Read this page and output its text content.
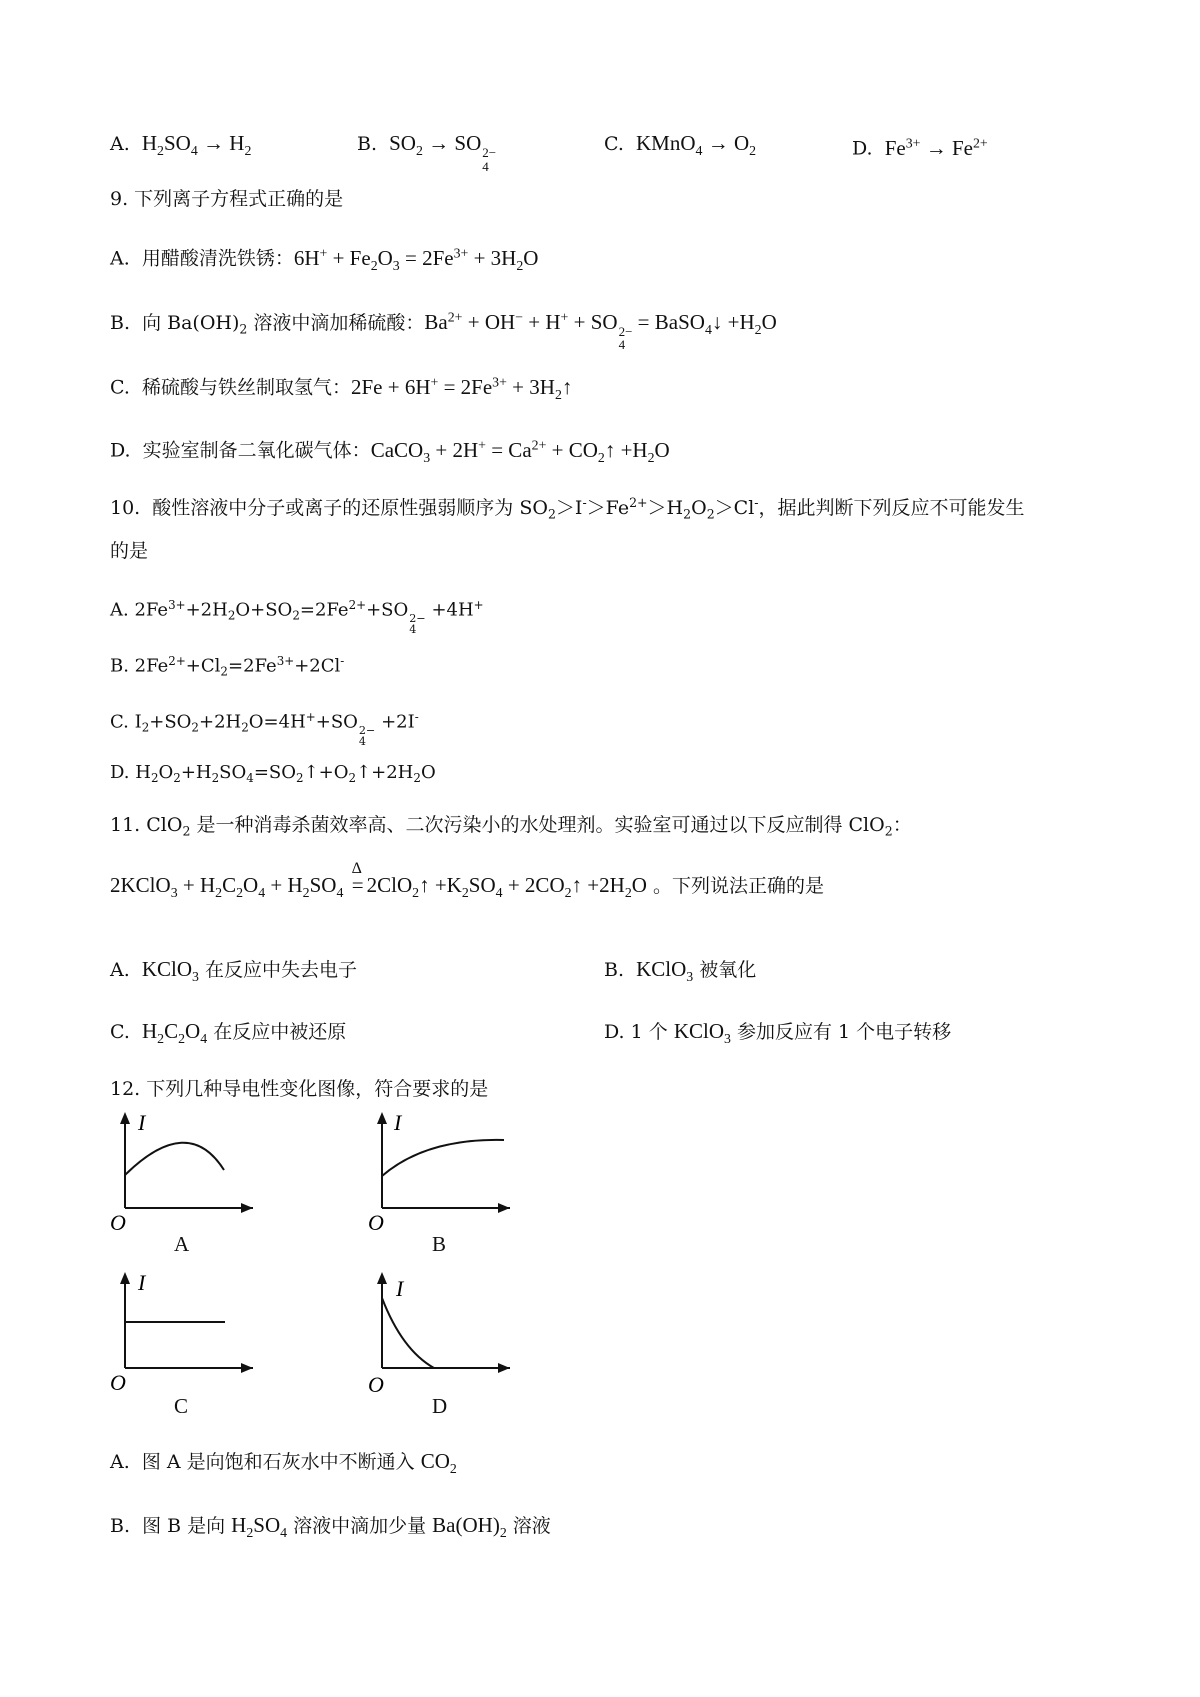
A. $H_2SO_4 \to H_2$	B. $SO_2$ → SO 2−
4
C. KMnO$_4$ → $O_2$	D. $Fe^{3+} \to Fe^{2+}$
9. 下列离子方程式正确的是
A.  用醋酸清洗铁锈：$6H^+ + Fe_2O_3 = 2Fe^{3+} + 3H_2O$
B.  向 $Ba(OH)_2$ 溶液中滴加稀硫酸：$Ba^{2+} + OH^- + H^+$ + SO 2−
4
= BaSO$_4$↓ $+H_2O$
C.  稀硫酸与铁丝制取氢气：$2Fe + 6H^+ = 2Fe^{3+}$ + $3H_2↑$
D.  实验室制备二氧化碳气体：CaCO$_3$ + $2H^+ = Ca^{2+}$ + $CO_2↑ +H_2O$
10.  酸性溶液中分子或离子的还原性强弱顺序为 $SO_2>I^->Fe^{2+}>H_2O_2>Cl^-$，据此判断下列反应不可能发生
的是
A. $2Fe^{3+}+2H_2O+SO_2=2Fe^{2+}+SO$ 2−
4
+4H+
B. $2Fe^{2+}+Cl_2=2Fe^{3+}+2Cl^-$
C. $I_2+SO_2+2H_2O=4H^++SO$ 2−
4
+2I-
D. $H_2O_2+H_2SO_4=SO_2↑+O_2↑+2H_2O$
11. ClO$_2$ 是一种消毒杀菌效率高、二次污染小的水处理剂。实验室可通过以下反应制得 ClO$_2$：
2KClO$_3$ + $H_2C_2O_4 + H_2SO_4$
Δ
=2ClO$_2$↑ $+K_2SO_4$ + $2CO_2↑ +2H_2O$ 。下列说法正确的是
A.  KClO$_3$ 在反应中失去电子	B.  KClO$_3$ 被氧化
C.  $H_2C_2O_4$ 在反应中被还原	D. 1 个 KClO$_3$ 参加反应有 1 个电子转移
12. 下列几种导电性变化图像，符合要求的是
I
O
A
I
O
B
I
O
C
I
O
D
A.  图 A 是向饱和石灰水中不断通入 $CO_2$
B.  图 B 是向 $H_2SO_4$ 溶液中滴加少量 $Ba(OH)_2$ 溶液
